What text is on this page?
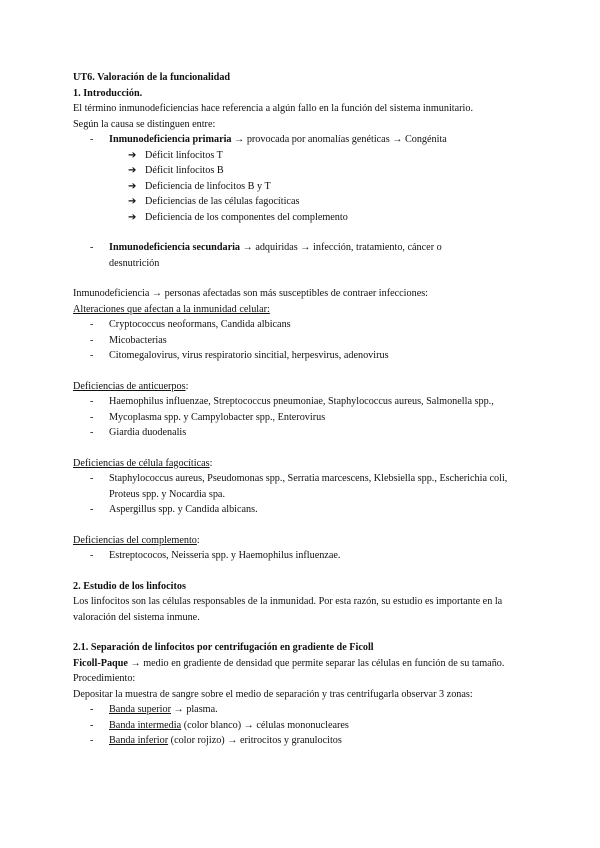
UT6. Valoración de la funcionalidad
1. Introducción.
El término inmunodeficiencias hace referencia a algún fallo en la función del sistema inmunitario.
Según la causa se distinguen entre:
- Inmunodeficiencia primaria → provocada por anomalías genéticas → Congénita
➔ Déficit linfocitos T
➔ Déficit linfocitos B
➔ Deficiencia de linfocitos B y T
➔ Deficiencias de las células fagocíticas
➔ Deficiencia de los componentes del complemento
- Inmunodeficiencia secundaria → adquiridas → infección, tratamiento, cáncer o desnutrición
Inmunodeficiencia → personas afectadas son más susceptibles de contraer infecciones:
Alteraciones que afectan a la inmunidad celular:
- Cryptococcus neoformans, Candida albicans
- Micobacterias
- Citomegalovirus, virus respiratorio sincitial, herpesvirus, adenovirus
Deficiencias de anticuerpos:
- Haemophilus influenzae, Streptococcus pneumoniae, Staphylococcus aureus, Salmonella spp.,
- Mycoplasma spp. y Campylobacter spp., Enterovirus
- Giardia duodenalis
Deficiencias de célula fagocíticas:
- Staphylococcus aureus, Pseudomonas spp., Serratia marcescens, Klebsiella spp., Escherichia coli, Proteus spp. y Nocardia spa.
- Aspergillus spp. y Candida albicans.
Deficiencias del complemento:
- Estreptococos, Neisseria spp. y Haemophilus influenzae.
2. Estudio de los linfocitos
Los linfocitos son las células responsables de la inmunidad. Por esta razón, su estudio es importante en la valoración del sistema inmune.
2.1. Separación de linfocitos por centrifugación en gradiente de Ficoll
Ficoll-Paque → medio en gradiente de densidad que permite separar las células en función de su tamaño. Procedimiento:
Depositar la muestra de sangre sobre el medio de separación y tras centrifugarla observar 3 zonas:
- Banda superior → plasma.
- Banda intermedia (color blanco) → células mononucleares
- Banda inferior (color rojizo) → eritrocitos y granulocitos
